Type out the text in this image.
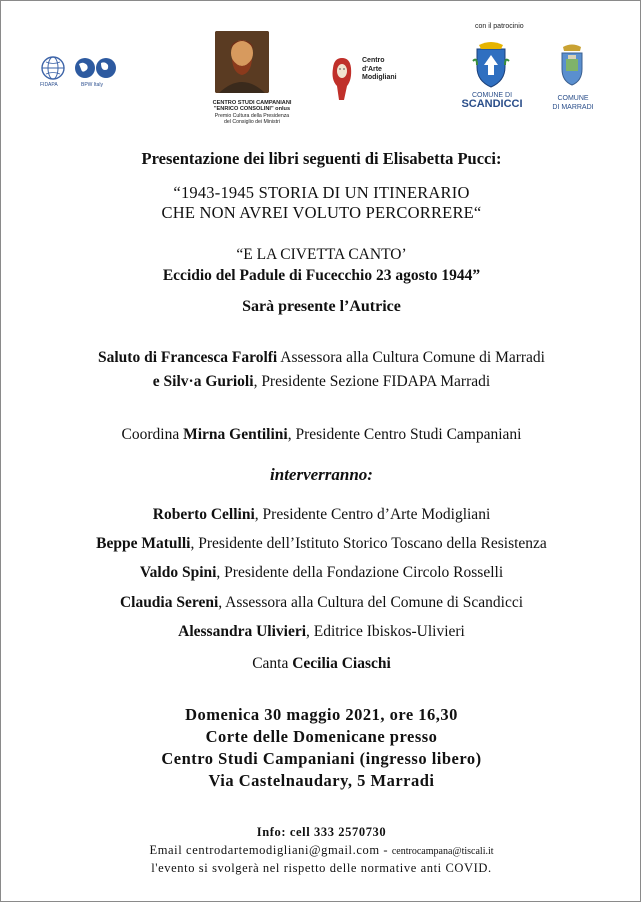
FIDAPA	BPW Italy
CENTRO STUDI CAMPANIANI
"ENRICO CONSOLINI" onlus
Premio Cultura della Presidenza
del Consiglio dei Ministri
Centro
d'Arte
Modigliani
con il patrocinio
COMUNE DI
SCANDICCI	COMUNE
DI MARRADI
Presentazione dei libri seguenti di Elisabetta Pucci:
“1943-1945 STORIA DI UN ITINERARIO
CHE NON AVREI VOLUTO PERCORRERE“
“E LA CIVETTA CANTO’
Eccidio del Padule di Fucecchio 23 agosto 1944”
Sarà presente l’Autrice
Saluto di Francesca Farolfi Assessora alla Cultura Comune di Marradi
e Silv·a Gurioli, Presidente Sezione FIDAPA Marradi
Coordina Mirna Gentilini, Presidente Centro Studi Campaniani
interverranno:
Roberto Cellini, Presidente Centro d’Arte Modigliani
Beppe Matulli, Presidente dell’Istituto Storico Toscano della Resistenza
Valdo Spini, Presidente della Fondazione Circolo Rosselli
Claudia Sereni, Assessora alla Cultura del Comune di Scandicci
Alessandra Ulivieri, Editrice Ibiskos-Ulivieri
Canta Cecilia Ciaschi
Domenica 30 maggio 2021, ore 16,30
Corte delle Domenicane presso
Centro Studi Campaniani (ingresso libero)
Via Castelnaudary, 5 Marradi
Info: cell 333 2570730
Email centrodartemodigliani@gmail.com - centrocampana@tiscali.it
l'evento si svolgerà nel rispetto delle normative anti COVID.
